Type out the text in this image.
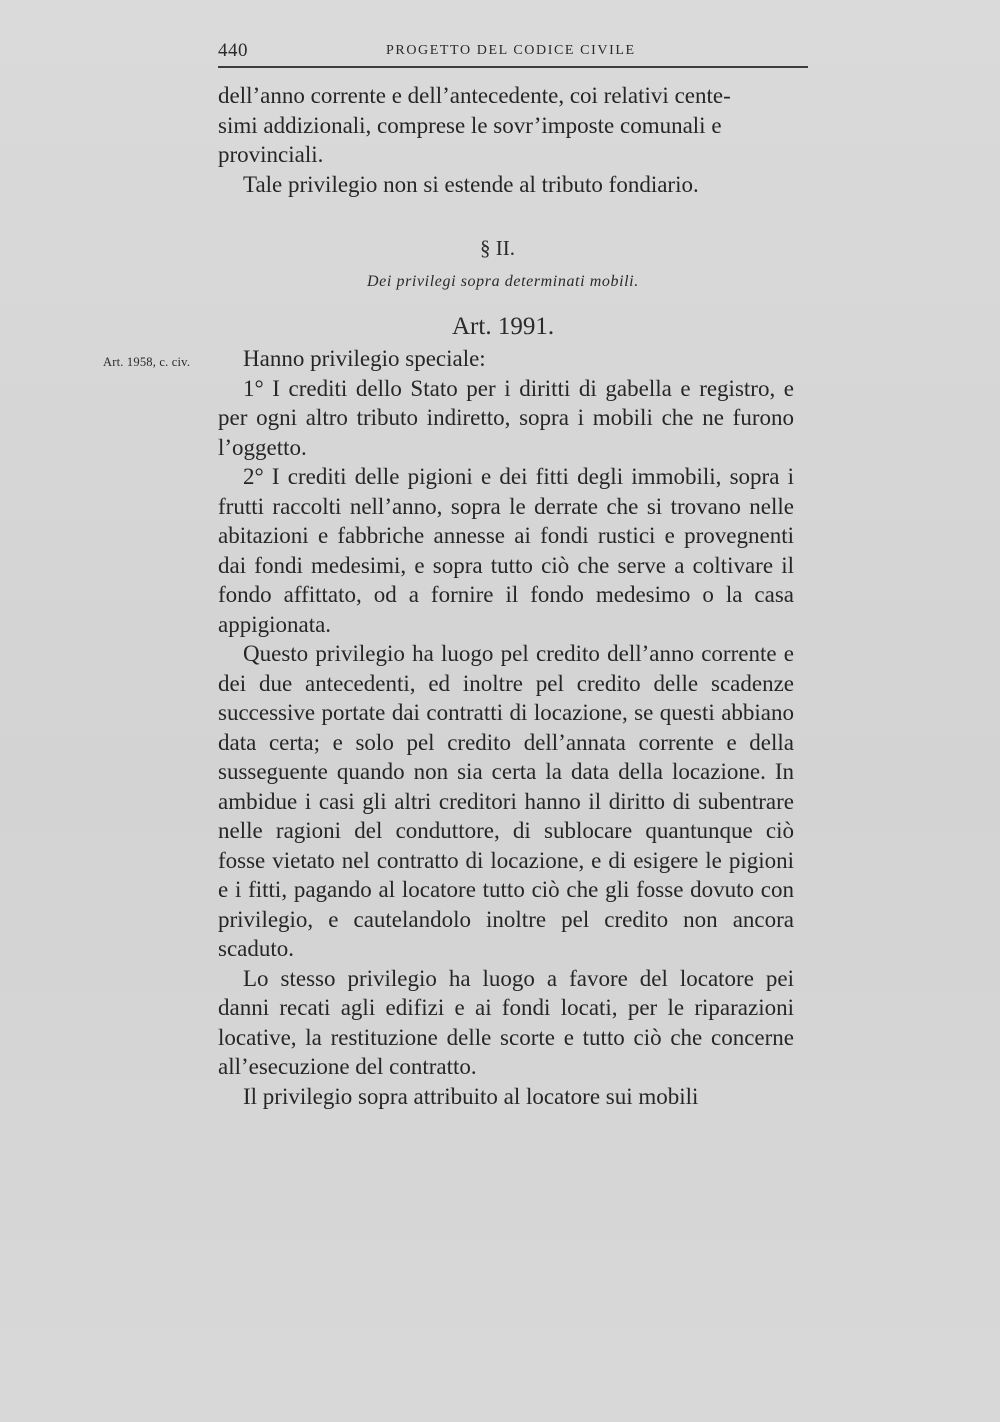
440	PROGETTO DEL CODICE CIVILE
dell’anno corrente e dell’antecedente, coi relativi cente-
simi addizionali, comprese le sovr’imposte comunali e
provinciali.
Tale privilegio non si estende al tributo fondiario.
§ II.
Dei privilegi sopra determinati mobili.
Art. 1991.
Art. 1958, c. civ.	Hanno privilegio speciale:

1° I crediti dello Stato per i diritti di gabella e registro, e per ogni altro tributo indiretto, sopra i mobili che ne furono l’oggetto.

2° I crediti delle pigioni e dei fitti degli immobili, sopra i frutti raccolti nell’anno, sopra le derrate che si trovano nelle abitazioni e fabbriche annesse ai fondi rustici e provegnenti dai fondi medesimi, e sopra tutto ciò che serve a coltivare il fondo affittato, od a fornire il fondo medesimo o la casa appigionata.

Questo privilegio ha luogo pel credito dell’anno corrente e dei due antecedenti, ed inoltre pel credito delle scadenze successive portate dai contratti di locazione, se questi abbiano data certa; e solo pel credito dell’annata corrente e della susseguente quando non sia certa la data della locazione. In ambidue i casi gli altri creditori hanno il diritto di subentrare nelle ragioni del conduttore, di sublocare quantunque ciò fosse vietato nel contratto di locazione, e di esigere le pigioni e i fitti, pagando al locatore tutto ciò che gli fosse dovuto con privilegio, e cautelandolo inoltre pel credito non ancora scaduto.

Lo stesso privilegio ha luogo a favore del locatore pei danni recati agli edifizi e ai fondi locati, per le riparazioni locative, la restituzione delle scorte e tutto ciò che concerne all’esecuzione del contratto.

Il privilegio sopra attribuito al locatore sui mobili
